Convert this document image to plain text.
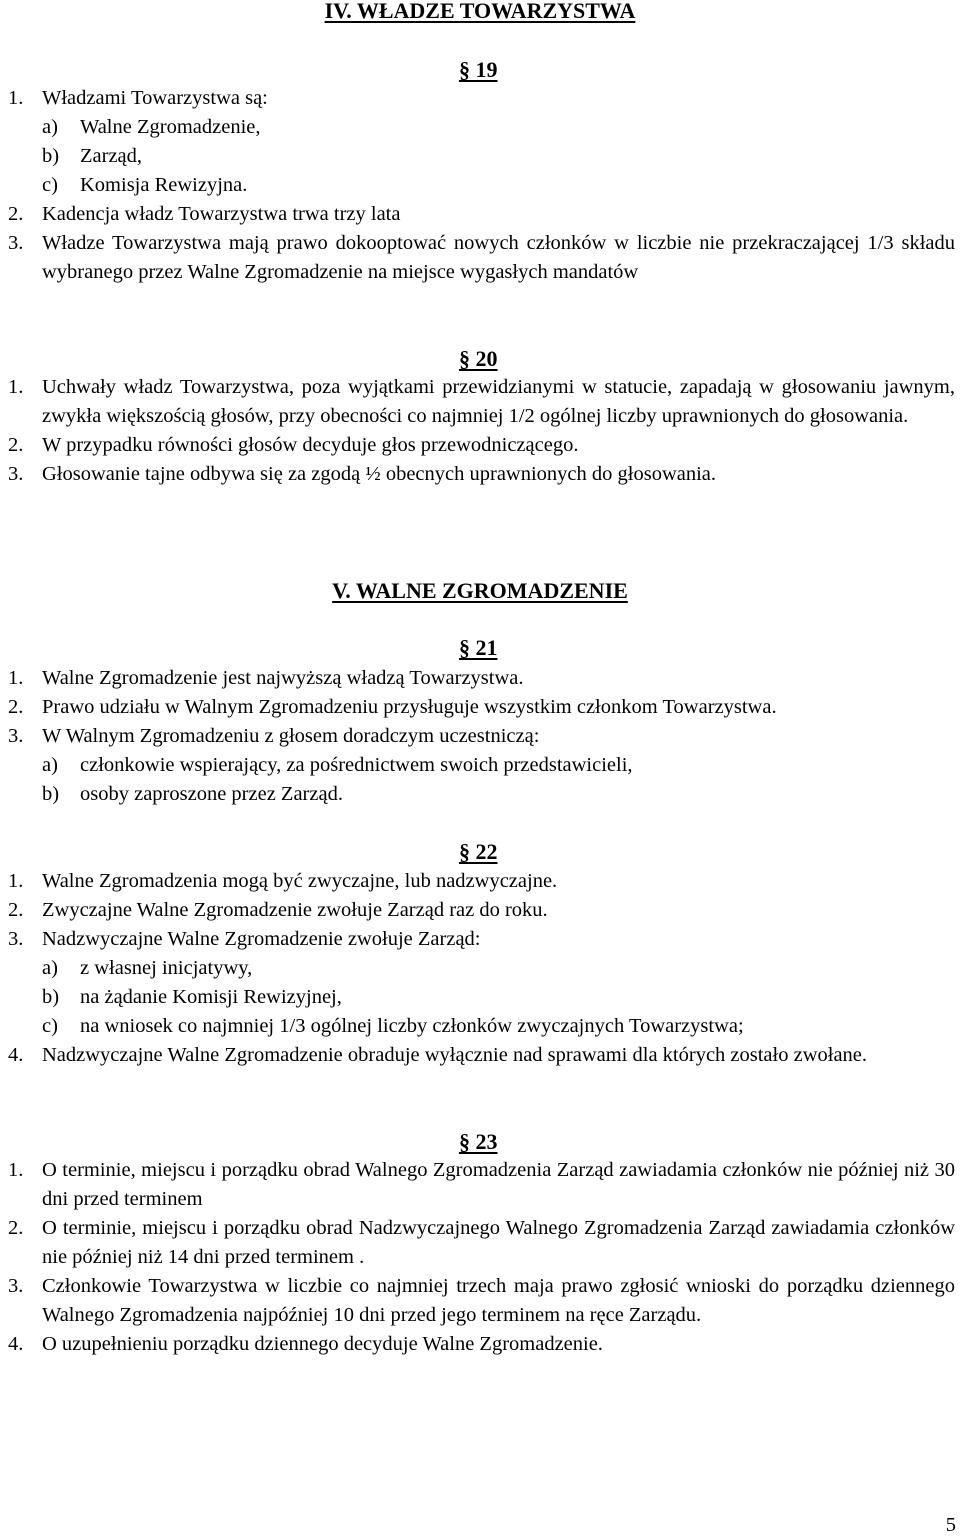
IV. WŁADZE TOWARZYSTWA
§ 19
1. Władzami Towarzystwa są:
a) Walne Zgromadzenie,
b) Zarząd,
c) Komisja Rewizyjna.
2. Kadencja władz Towarzystwa trwa trzy lata
3. Władze Towarzystwa mają prawo dokooptować nowych członków w liczbie nie przekraczającej 1/3 składu wybranego przez Walne Zgromadzenie na miejsce wygasłych mandatów
§ 20
1. Uchwały władz Towarzystwa, poza wyjątkami przewidzianymi w statucie, zapadają w głosowaniu jawnym, zwykła większością głosów, przy obecności co najmniej 1/2 ogólnej liczby uprawnionych do głosowania.
2. W przypadku równości głosów decyduje głos przewodniczącego.
3. Głosowanie tajne odbywa się za zgodą ½ obecnych uprawnionych do głosowania.
V. WALNE ZGROMADZENIE
§ 21
1. Walne Zgromadzenie jest najwyższą władzą Towarzystwa.
2. Prawo udziału w Walnym Zgromadzeniu przysługuje wszystkim członkom Towarzystwa.
3. W Walnym Zgromadzeniu z głosem doradczym uczestniczą:
a) członkowie wspierający, za pośrednictwem swoich przedstawicieli,
b) osoby zaproszone przez Zarząd.
§ 22
1. Walne Zgromadzenia mogą być zwyczajne, lub nadzwyczajne.
2. Zwyczajne Walne Zgromadzenie zwołuje Zarząd raz do roku.
3. Nadzwyczajne Walne Zgromadzenie zwołuje Zarząd:
a) z własnej inicjatywy,
b) na żądanie Komisji Rewizyjnej,
c) na wniosek co najmniej 1/3 ogólnej liczby członków zwyczajnych Towarzystwa;
4. Nadzwyczajne Walne Zgromadzenie obraduje wyłącznie nad sprawami dla których zostało zwołane.
§ 23
1. O terminie, miejscu i porządku obrad Walnego Zgromadzenia Zarząd zawiadamia członków nie później niż 30 dni przed terminem
2. O terminie, miejscu i porządku obrad Nadzwyczajnego Walnego Zgromadzenia Zarząd zawiadamia członków nie później niż 14 dni przed terminem .
3. Członkowie Towarzystwa w liczbie co najmniej trzech maja prawo zgłosić wnioski do porządku dziennego Walnego Zgromadzenia najpóźniej 10 dni przed jego terminem na ręce Zarządu.
4. O uzupełnieniu porządku dziennego decyduje Walne Zgromadzenie.
5
